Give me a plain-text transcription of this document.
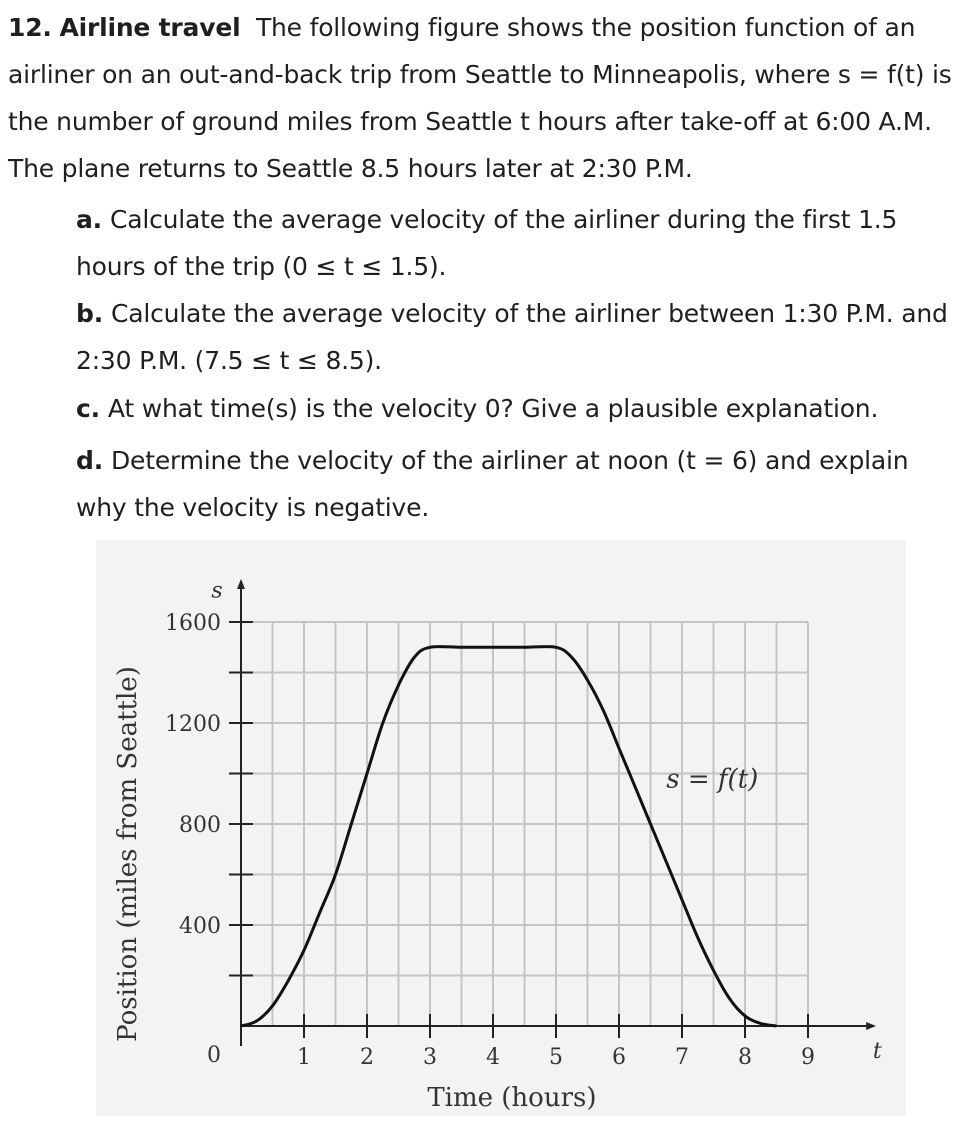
12. Airline travel The following figure shows the position function of an

airliner on an out-and-back trip from Seattle to Minneapolis, where s = f(t) is

the number of ground miles from Seattle t hours after take-off at 6:00 A.M.

The plane returns to Seattle 8.5 hours later at 2:30 P.M.

a. Calculate the average velocity of the airliner during the first 1.5

hours of the trip (0 ≤ t ≤ 1.5).

b. Calculate the average velocity of the airliner between 1:30 P.M. and

2:30 P.M. (7.5 ≤ t ≤ 8.5).

c. At what time(s) is the velocity 0? Give a plausible explanation.

d. Determine the velocity of the airliner at noon (t = 6) and explain

why the velocity is negative.

400
800
1200
1600
1 2 3 4 5 6 7 8 9
0	t
s
Time (hours)
Position (miles from Seattle)	s = f(t)
